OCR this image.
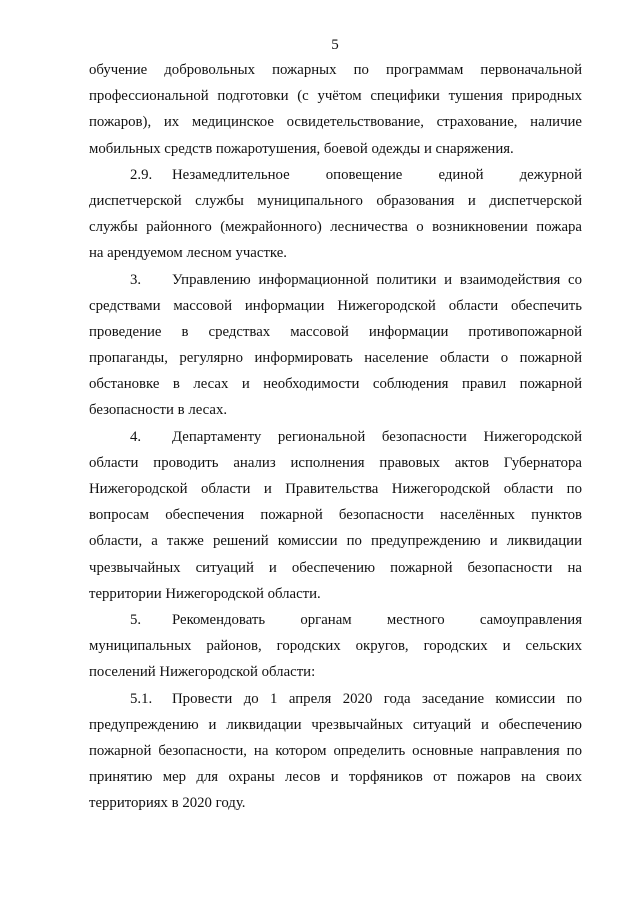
5
обучение добровольных пожарных по программам первоначальной
профессиональной подготовки (с учётом специфики тушения природных
пожаров), их медицинское освидетельствование, страхование, наличие
мобильных средств пожаротушения, боевой одежды и снаряжения.
2.9.	Незамедлительное оповещение единой дежурной
диспетчерской службы муниципального образования и диспетчерской
службы районного (межрайонного) лесничества о возникновении пожара
на арендуемом лесном участке.
3.	Управлению информационной политики и взаимодействия со
средствами массовой информации Нижегородской области обеспечить
проведение в средствах массовой информации противопожарной
пропаганды, регулярно информировать население области о пожарной
обстановке в лесах и необходимости соблюдения правил пожарной
безопасности в лесах.
4.	Департаменту региональной безопасности Нижегородской
области проводить анализ исполнения правовых актов Губернатора
Нижегородской области и Правительства Нижегородской области по
вопросам обеспечения пожарной безопасности населённых пунктов
области, а также решений комиссии по предупреждению и ликвидации
чрезвычайных ситуаций и обеспечению пожарной безопасности на
территории Нижегородской области.
5.	Рекомендовать органам местного самоуправления
муниципальных районов, городских округов, городских и сельских
поселений Нижегородской области:
5.1.	Провести до 1 апреля 2020 года заседание комиссии по
предупреждению и ликвидации чрезвычайных ситуаций и обеспечению
пожарной безопасности, на котором определить основные направления по
принятию мер для охраны лесов и торфяников от пожаров на своих
территориях в 2020 году.
